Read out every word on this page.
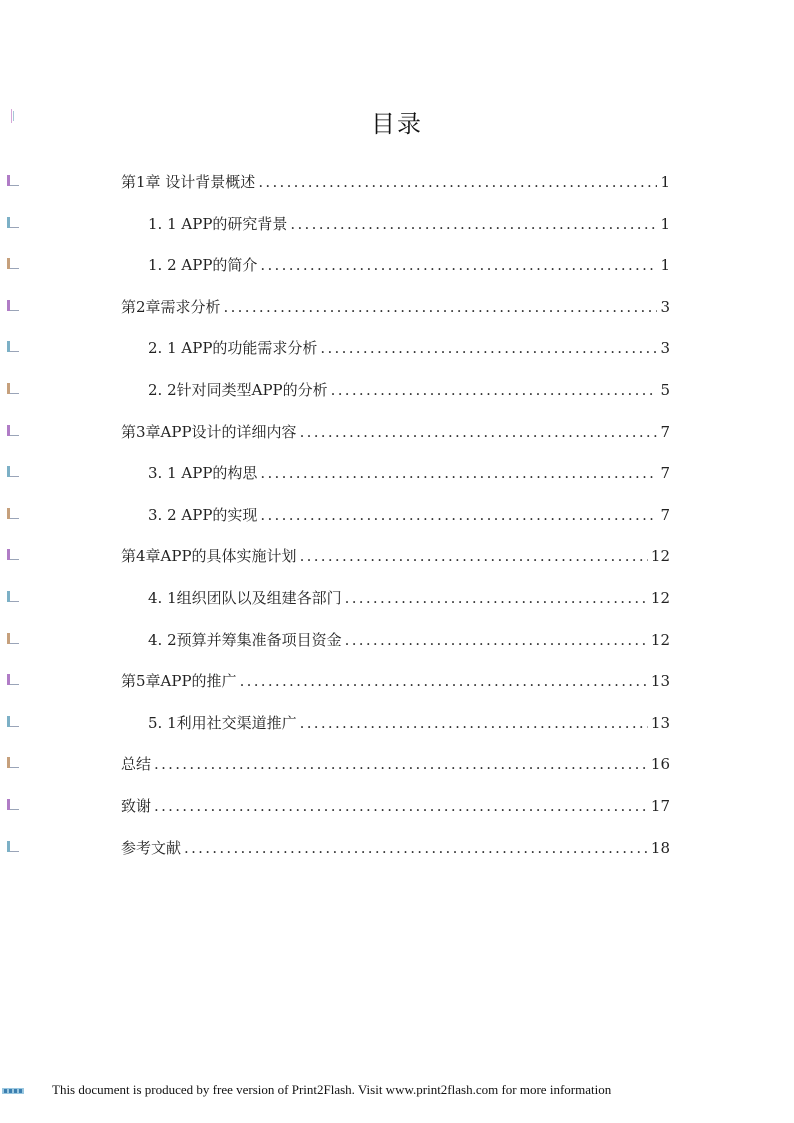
目录
第1章 设计背景概述 .....	1
1. 1 APP的研究背景 .....	1
1. 2 APP的简介 .....	1
第2章需求分析 .....	3
2. 1 APP的功能需求分析 .....	3
2. 2针对同类型APP的分析 .....	5
第3章APP设计的详细内容 .....	7
3. 1 APP的构思 .....	7
3. 2 APP的实现 .....	7
第4章APP的具体实施计划 .....	12
4. 1组织团队以及组建各部门 .....	12
4. 2预算并筹集准备项目资金 .....	12
第5章APP的推广 .....	13
5. 1利用社交渠道推广 .....	13
总结 .....	16
致谢 .....	17
参考文献 .....	18
This document is produced by free version of Print2Flash. Visit www.print2flash.com for more information
